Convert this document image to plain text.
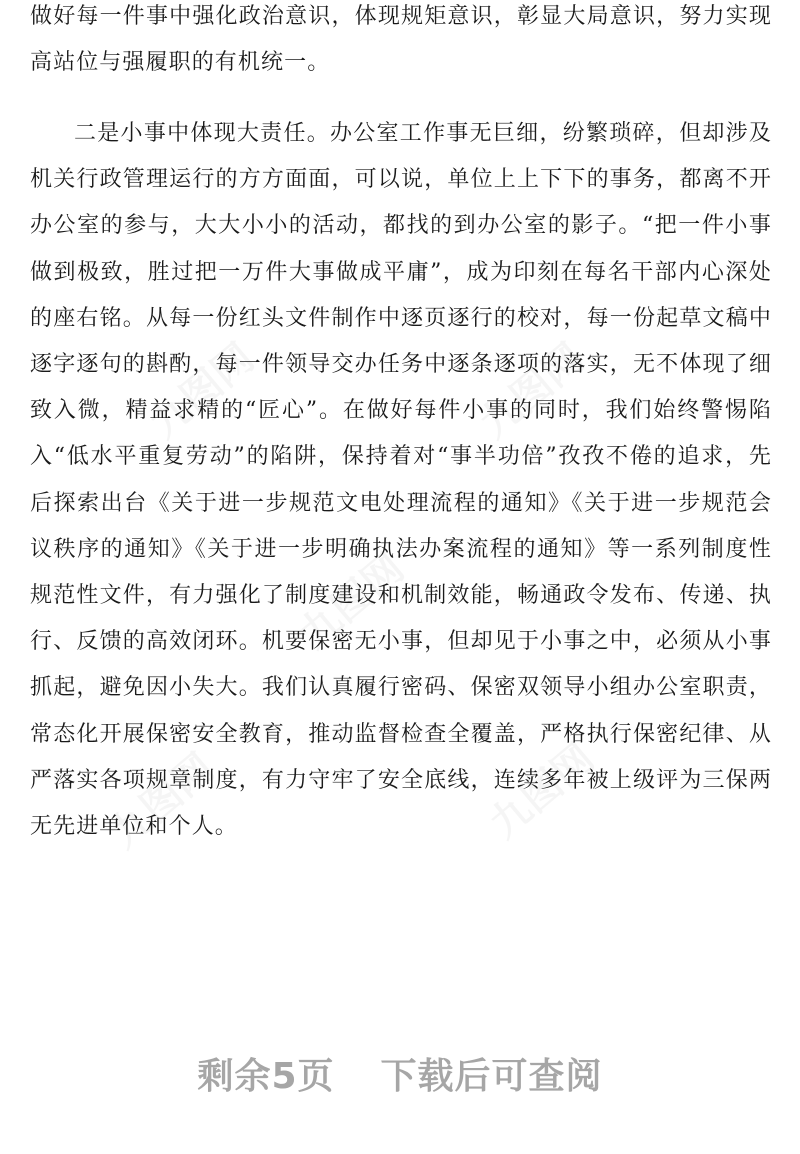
做好每一件事中强化政治意识，体现规矩意识，彰显大局意识，努力实现高站位与强履职的有机统一。

二是小事中体现大责任。办公室工作事无巨细，纷繁琐碎，但却涉及机关行政管理运行的方方面面，可以说，单位上上下下的事务，都离不开办公室的参与，大大小小的活动，都找的到办公室的影子。“把一件小事做到极致，胜过把一万件大事做成平庸”，成为印刻在每名干部内心深处的座右铭。从每一份红头文件制作中逐页逐行的校对，每一份起草文稿中逐字逐句的斟酌，每一件领导交办任务中逐条逐项的落实，无不体现了细致入微，精益求精的“匠心”。在做好每件小事的同时，我们始终警惕陷入“低水平重复劳动”的陷阱，保持着对“事半功倍”孜孜不倦的追求，先后探索出台《关于进一步规范文电处理流程的通知》《关于进一步规范会议秩序的通知》《关于进一步明确执法办案流程的通知》等一系列制度性规范性文件，有力强化了制度建设和机制效能，畅通政令发布、传递、执行、反馈的高效闭环。机要保密无小事，但却见于小事之中，必须从小事抓起，避免因小失大。我们认真履行密码、保密双领导小组办公室职责，常态化开展保密安全教育，推动监督检查全覆盖，严格执行保密纪律、从严落实各项规章制度，有力守牢了安全底线，连续多年被上级评为三保两无先进单位和个人。

剩余5页 下载后可查阅
